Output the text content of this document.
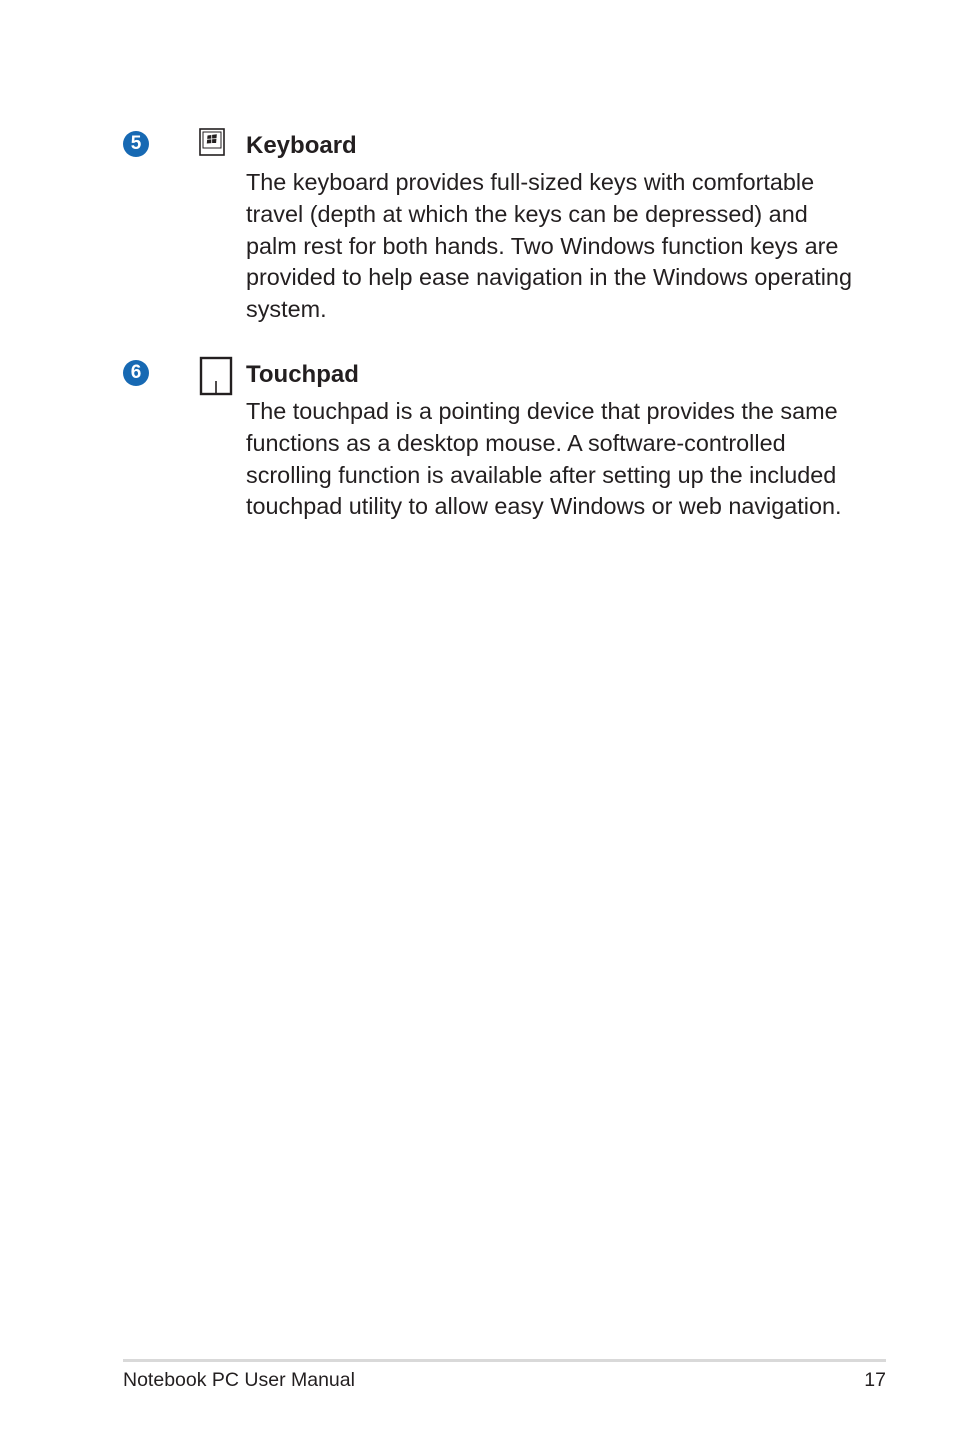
5	Keyboard
The keyboard provides full-sized keys with comfortable
travel (depth at which the keys can be depressed) and
palm rest for both hands. Two Windows function keys are
provided to help ease navigation in the Windows operating
system.
6	Touchpad
The touchpad is a pointing device that provides the same
functions as a desktop mouse. A software-controlled
scrolling function is available after setting up the included
touchpad utility to allow easy Windows or web navigation.
Notebook PC User Manual	17
